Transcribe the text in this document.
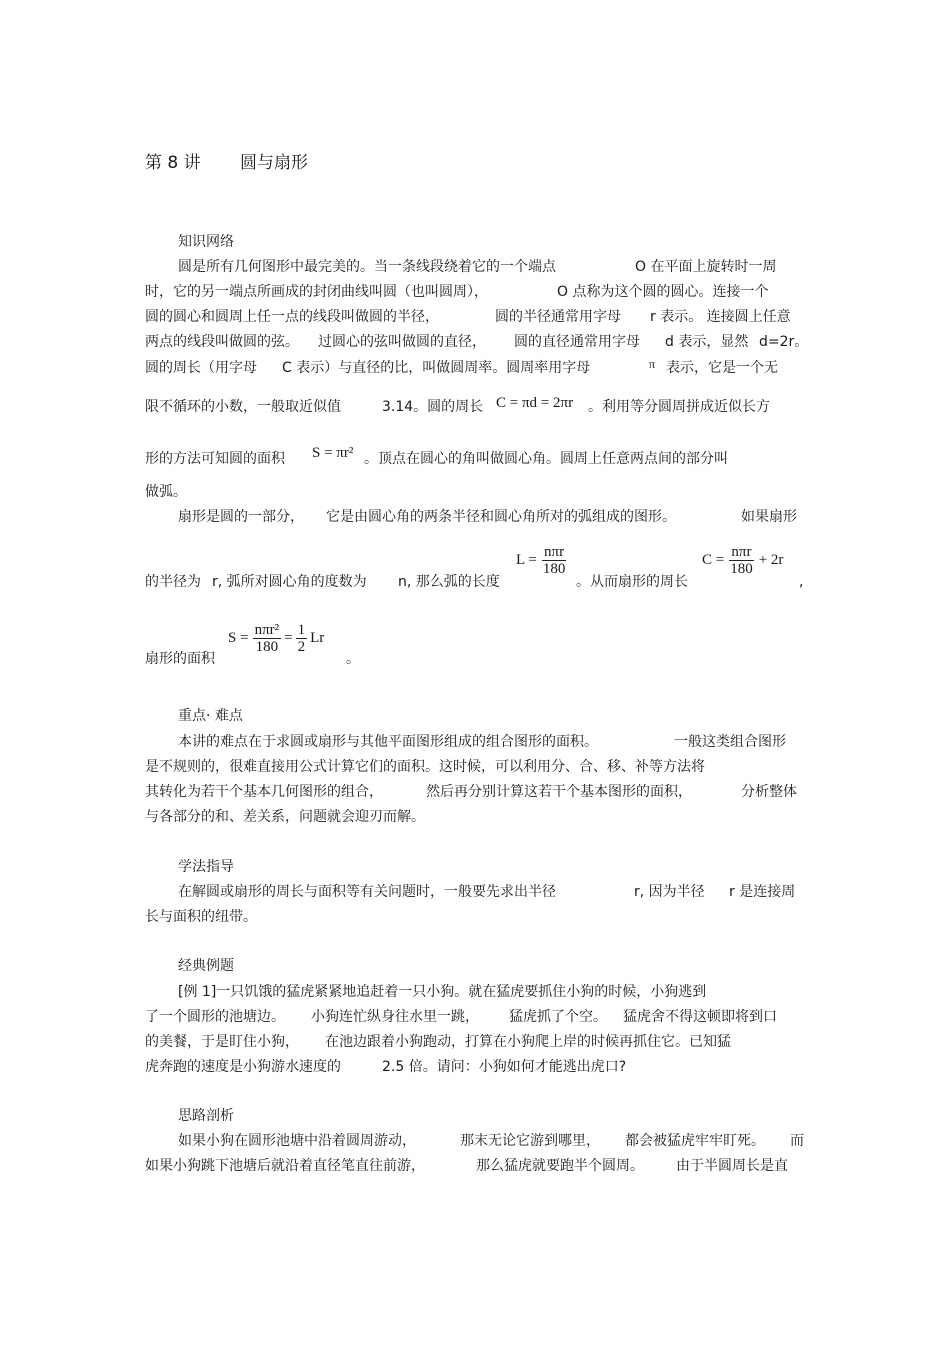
第 8 讲 圆与扇形
知识网络
圆是所有几何图形中最完美的。当一条线段绕着它的一个端点	O 在平面上旋转时一周
时，它的另一端点所画成的封闭曲线叫圆（也叫圆周），	O 点称为这个圆的圆心。连接一个
圆的圆心和圆周上任一点的线段叫做圆的半径，	圆的半径通常用字母 r 表示。 连接圆上任意
两点的线段叫做圆的弦。 过圆心的弦叫做圆的直径， 圆的直径通常用字母 d 表示，显然 d=2r。
圆的周长（用字母 C 表示）与直径的比，叫做圆周率。圆周率用字母	π 表示，它是一个无
限不循环的小数，一般取近似值	3.14。圆的周长 C = πd = 2πr 。利用等分圆周拼成近似长方
形的方法可知圆的面积 S = πr² 。顶点在圆心的角叫做圆心角。圆周上任意两点间的部分叫
做弧。
扇形是圆的一部分， 它是由圆心角的两条半径和圆心角所对的弧组成的图形。	如果扇形
的半径为 r, 弧所对圆心角的度数为 n, 那么弧的长度
$L = \frac{\text{nπr}}{180}$
。从而扇形的周长
$C = \frac{\text{nπr}}{180} + 2r$
,
扇形的面积
$S = \frac{\text{nπr²}}{180} = \frac{1}{2}$ Lr
。
重点· 难点
本讲的难点在于求圆或扇形与其他平面图形组成的组合图形的面积。	一般这类组合图形
是不规则的，很难直接用公式计算它们的面积。这时候，可以利用分、合、移、补等方法将
其转化为若干个基本几何图形的组合，	然后再分别计算这若干个基本图形的面积，	分析整体
与各部分的和、差关系，问题就会迎刃而解。
学法指导
在解圆或扇形的周长与面积等有关问题时，一般要先求出半径	r, 因为半径 r 是连接周
长与面积的纽带。
经典例题
[例 1]一只饥饿的猛虎紧紧地追赶着一只小狗。就在猛虎要抓住小狗的时候，小狗逃到
了一个圆形的池塘边。 小狗连忙纵身往水里一跳， 猛虎抓了个空。 猛虎舍不得这顿即将到口
的美餐，于是盯住小狗， 在池边跟着小狗跑动，打算在小狗爬上岸的时候再抓住它。已知猛
虎奔跑的速度是小狗游水速度的	2.5 倍。请问：小狗如何才能逃出虎口?
思路剖析
如果小狗在圆形池塘中沿着圆周游动，	那末无论它游到哪里， 都会被猛虎牢牢盯死。 而
如果小狗跳下池塘后就沿着直径笔直往前游，	那么猛虎就要跑半个圆周。 由于半圆周长是直
